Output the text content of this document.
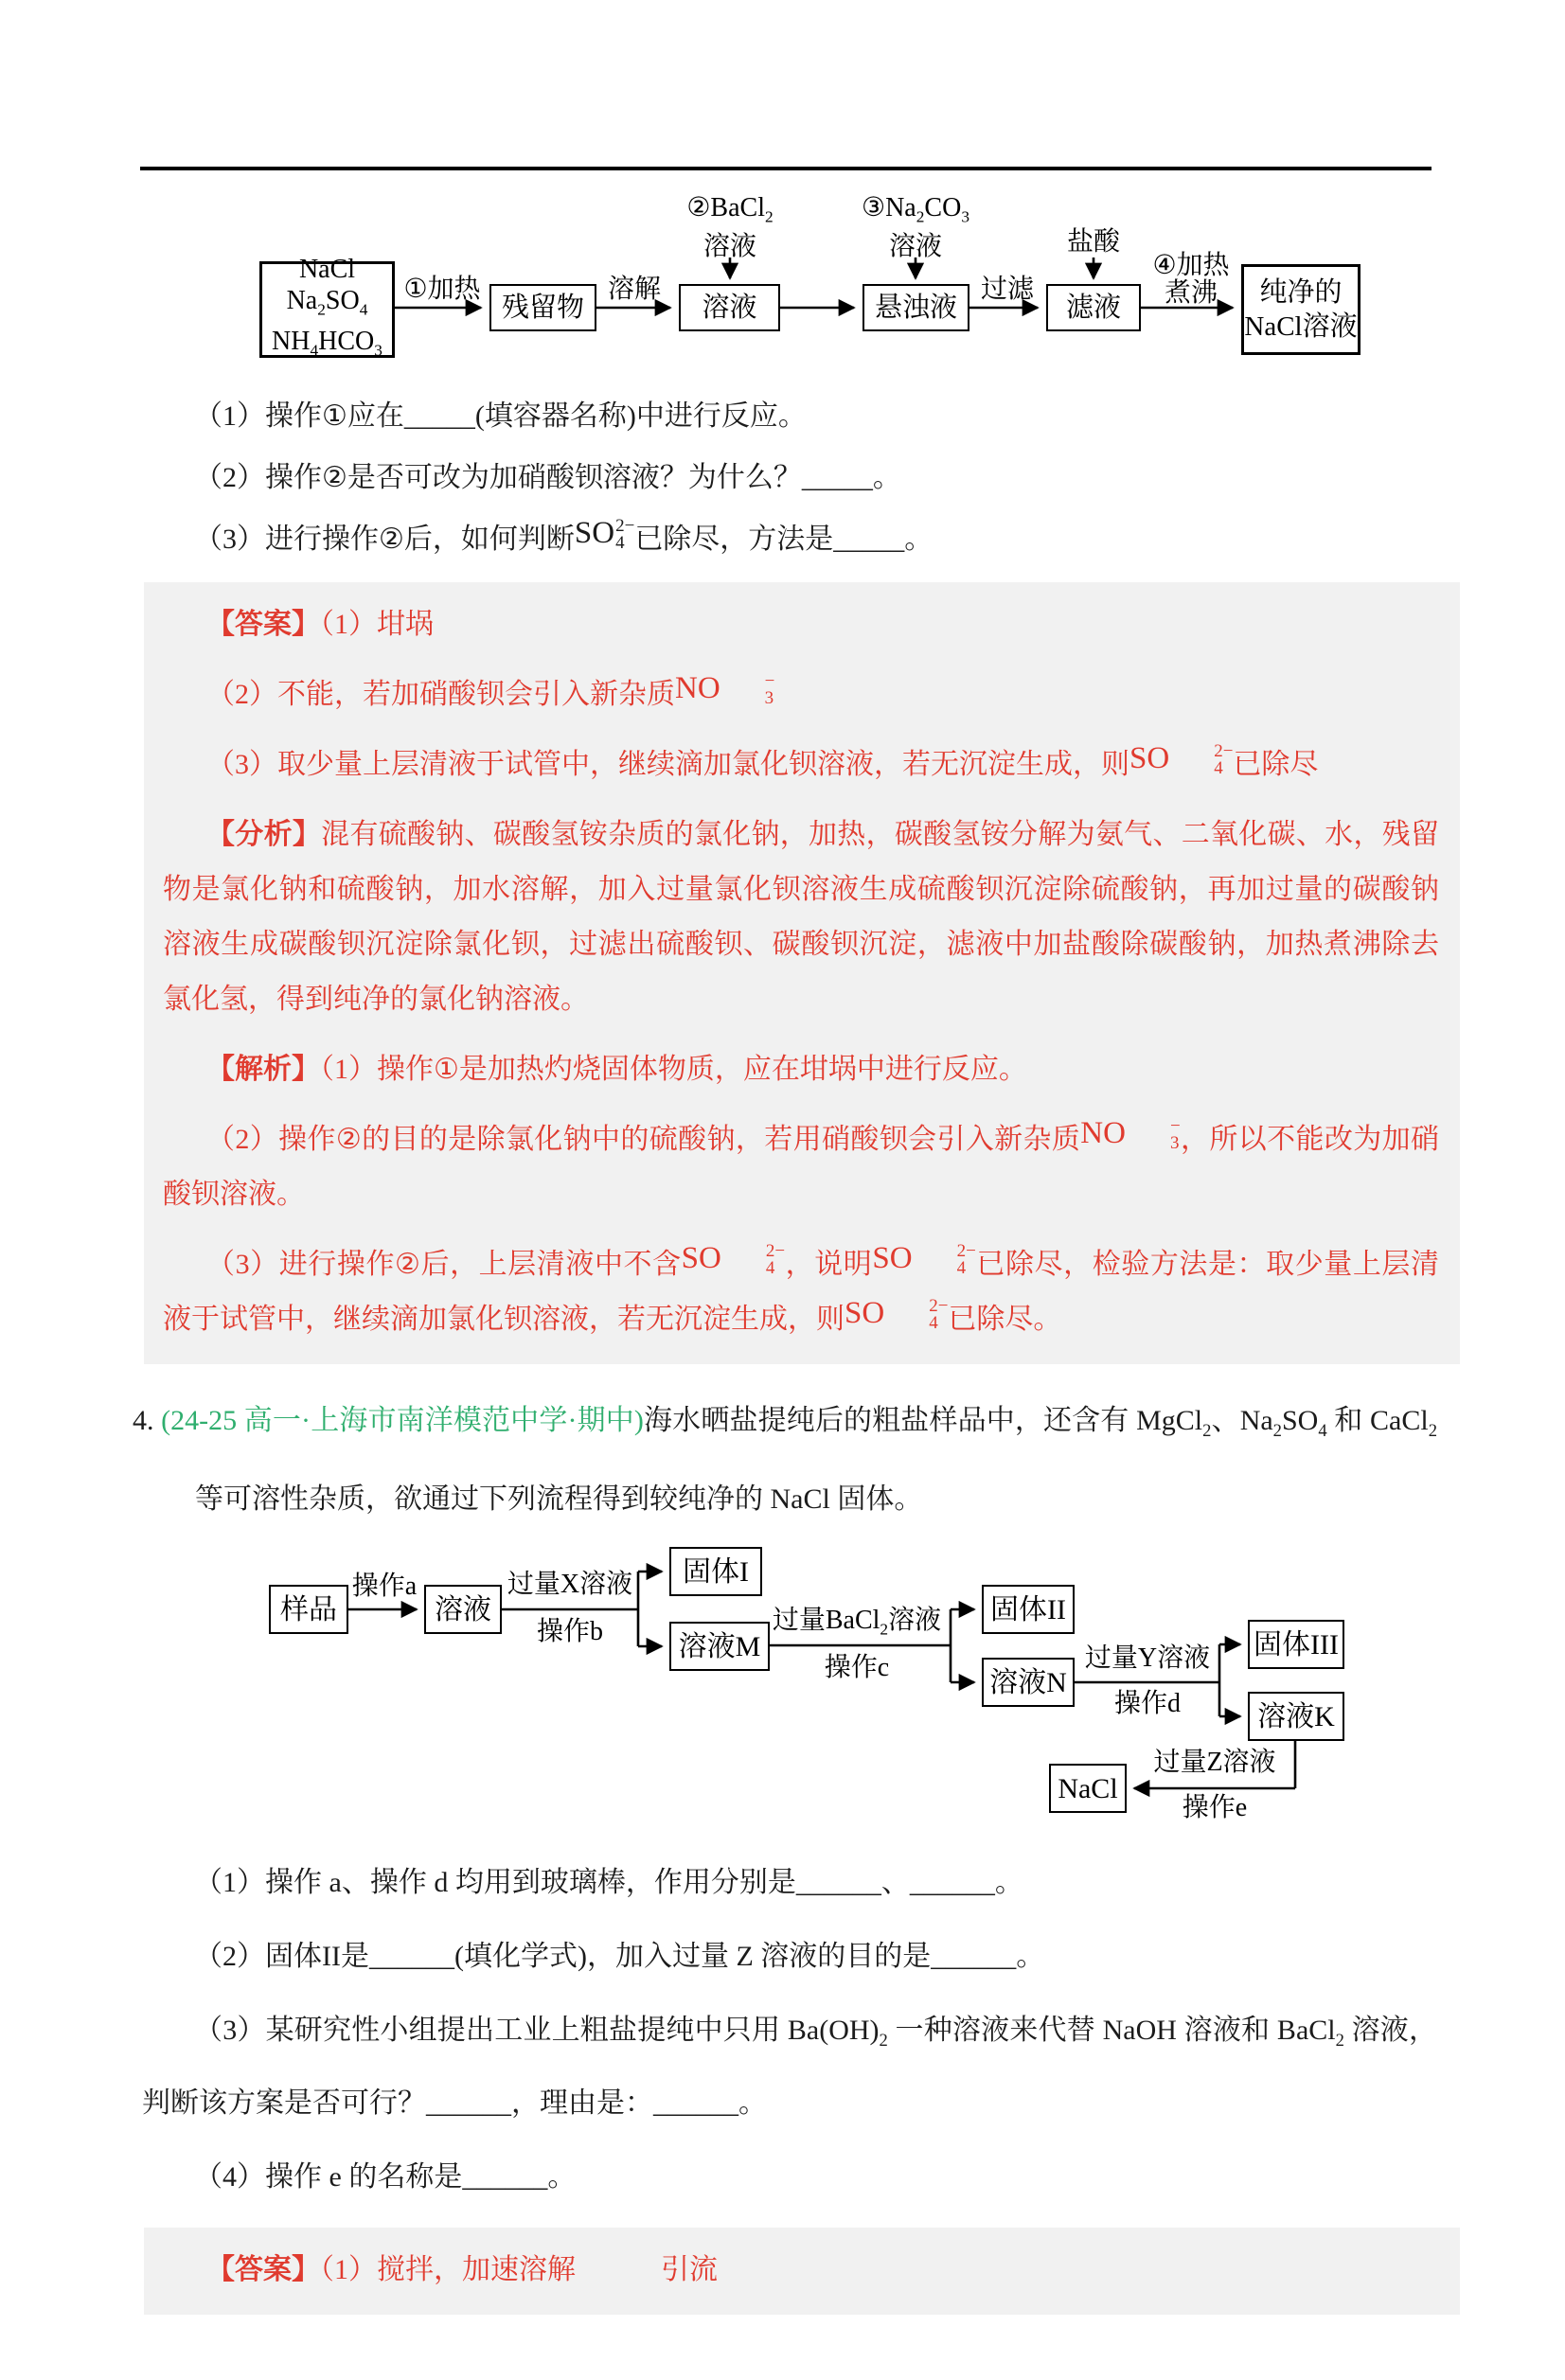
NaCl
$Na_2SO_4$
$NH_4HCO_3$
①加热
残留物
溶解
溶液
②BaCl$_2$
溶液
悬浊液
$③Na_2CO_3$
溶液
过滤
滤液
盐酸
④加热
煮沸	纯净的
NaCl溶液

（1）操作①应在_____(填容器名称)中进行反应。

（2）操作②是否可改为加硝酸钡溶液？为什么？_____。

（3）进行操作②后，如何判断SO 2−
4 已除尽，方法是_____。

【答案】（1）坩埚

（2）不能，若加硝酸钡会引入新杂质NO	−
3

（3）取少量上层清液于试管中，继续滴加氯化钡溶液，若无沉淀生成，则SO	2−
4 已除尽

【分析】混有硫酸钠、碳酸氢铵杂质的氯化钠，加热，碳酸氢铵分解为氨气、二氧化碳、水，残留物是氯化钠和硫酸钠，加水溶解，加入过量氯化钡溶液生成硫酸钡沉淀除硫酸钠，再加过量的碳酸钠溶液生成碳酸钡沉淀除氯化钡，过滤出硫酸钡、碳酸钡沉淀，滤液中加盐酸除碳酸钠，加热煮沸除去氯化氢，得到纯净的氯化钠溶液。

【解析】（1）操作①是加热灼烧固体物质，应在坩埚中进行反应。

（2）操作②的目的是除氯化钠中的硫酸钠，若用硝酸钡会引入新杂质NO	−
3 ，所以不能改为加硝酸钡溶液。

（3）进行操作②后，上层清液中不含SO	2−
4 ，说明SO	2−
4 已除尽，检验方法是：取少量上层清液于试管中，继续滴加氯化钡溶液，若无沉淀生成，则SO	2−
4 已除尽。

4. (24-25 高一·上海市南洋模范中学·期中)海水晒盐提纯后的粗盐样品中，还含有 MgCl$_2$、$Na_2SO_4$ 和 CaCl$_2$ 等可溶性杂质，欲通过下列流程得到较纯净的 NaCl 固体。

样品
操作a
溶液
过量X溶液
操作b
固体I
溶液M
过量BaCl$_2$溶液
操作c
固体II
溶液N
过量Y溶液
操作d
固体III
溶液K
过量Z溶液
操作e
NaCl

（1）操作 a、操作 d 均用到玻璃棒，作用分别是______、______。

（2）固体II是______(填化学式)，加入过量 Z 溶液的目的是______。

（3）某研究性小组提出工业上粗盐提纯中只用 $Ba(OH)_2$ 一种溶液来代替 NaOH 溶液和 BaCl$_2$ 溶液，判断该方案是否可行？______，理由是：______。

（4）操作 e 的名称是______。

【答案】（1）搅拌，加速溶解　　　引流
